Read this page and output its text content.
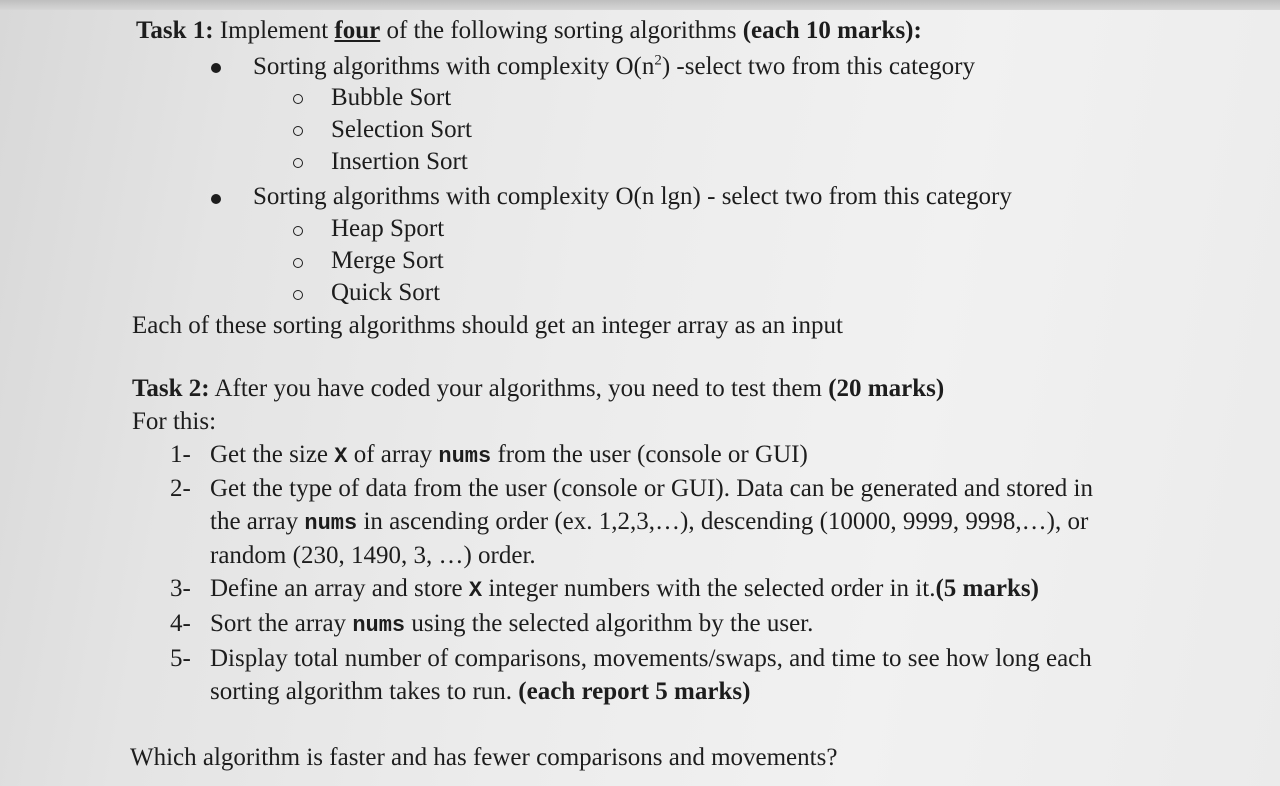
Task 1: Implement four of the following sorting algorithms (each 10 marks):
Sorting algorithms with complexity $O(n^2)$ -select two from this category
Bubble Sort
Selection Sort
Insertion Sort
Sorting algorithms with complexity O(n lgn) - select two from this category
Heap Sport
Merge Sort
Quick Sort
Each of these sorting algorithms should get an integer array as an input
Task 2: After you have coded your algorithms, you need to test them (20 marks)
For this:
1- Get the size X of array nums from the user (console or GUI)
2- Get the type of data from the user (console or GUI). Data can be generated and stored in
the array nums in ascending order (ex. 1,2,3,…), descending (10000, 9999, 9998,…), or
random (230, 1490, 3, …) order.
3- Define an array and store X integer numbers with the selected order in it.(5 marks)
4- Sort the array nums using the selected algorithm by the user.
5- Display total number of comparisons, movements/swaps, and time to see how long each
sorting algorithm takes to run. (each report 5 marks)
Which algorithm is faster and has fewer comparisons and movements?
